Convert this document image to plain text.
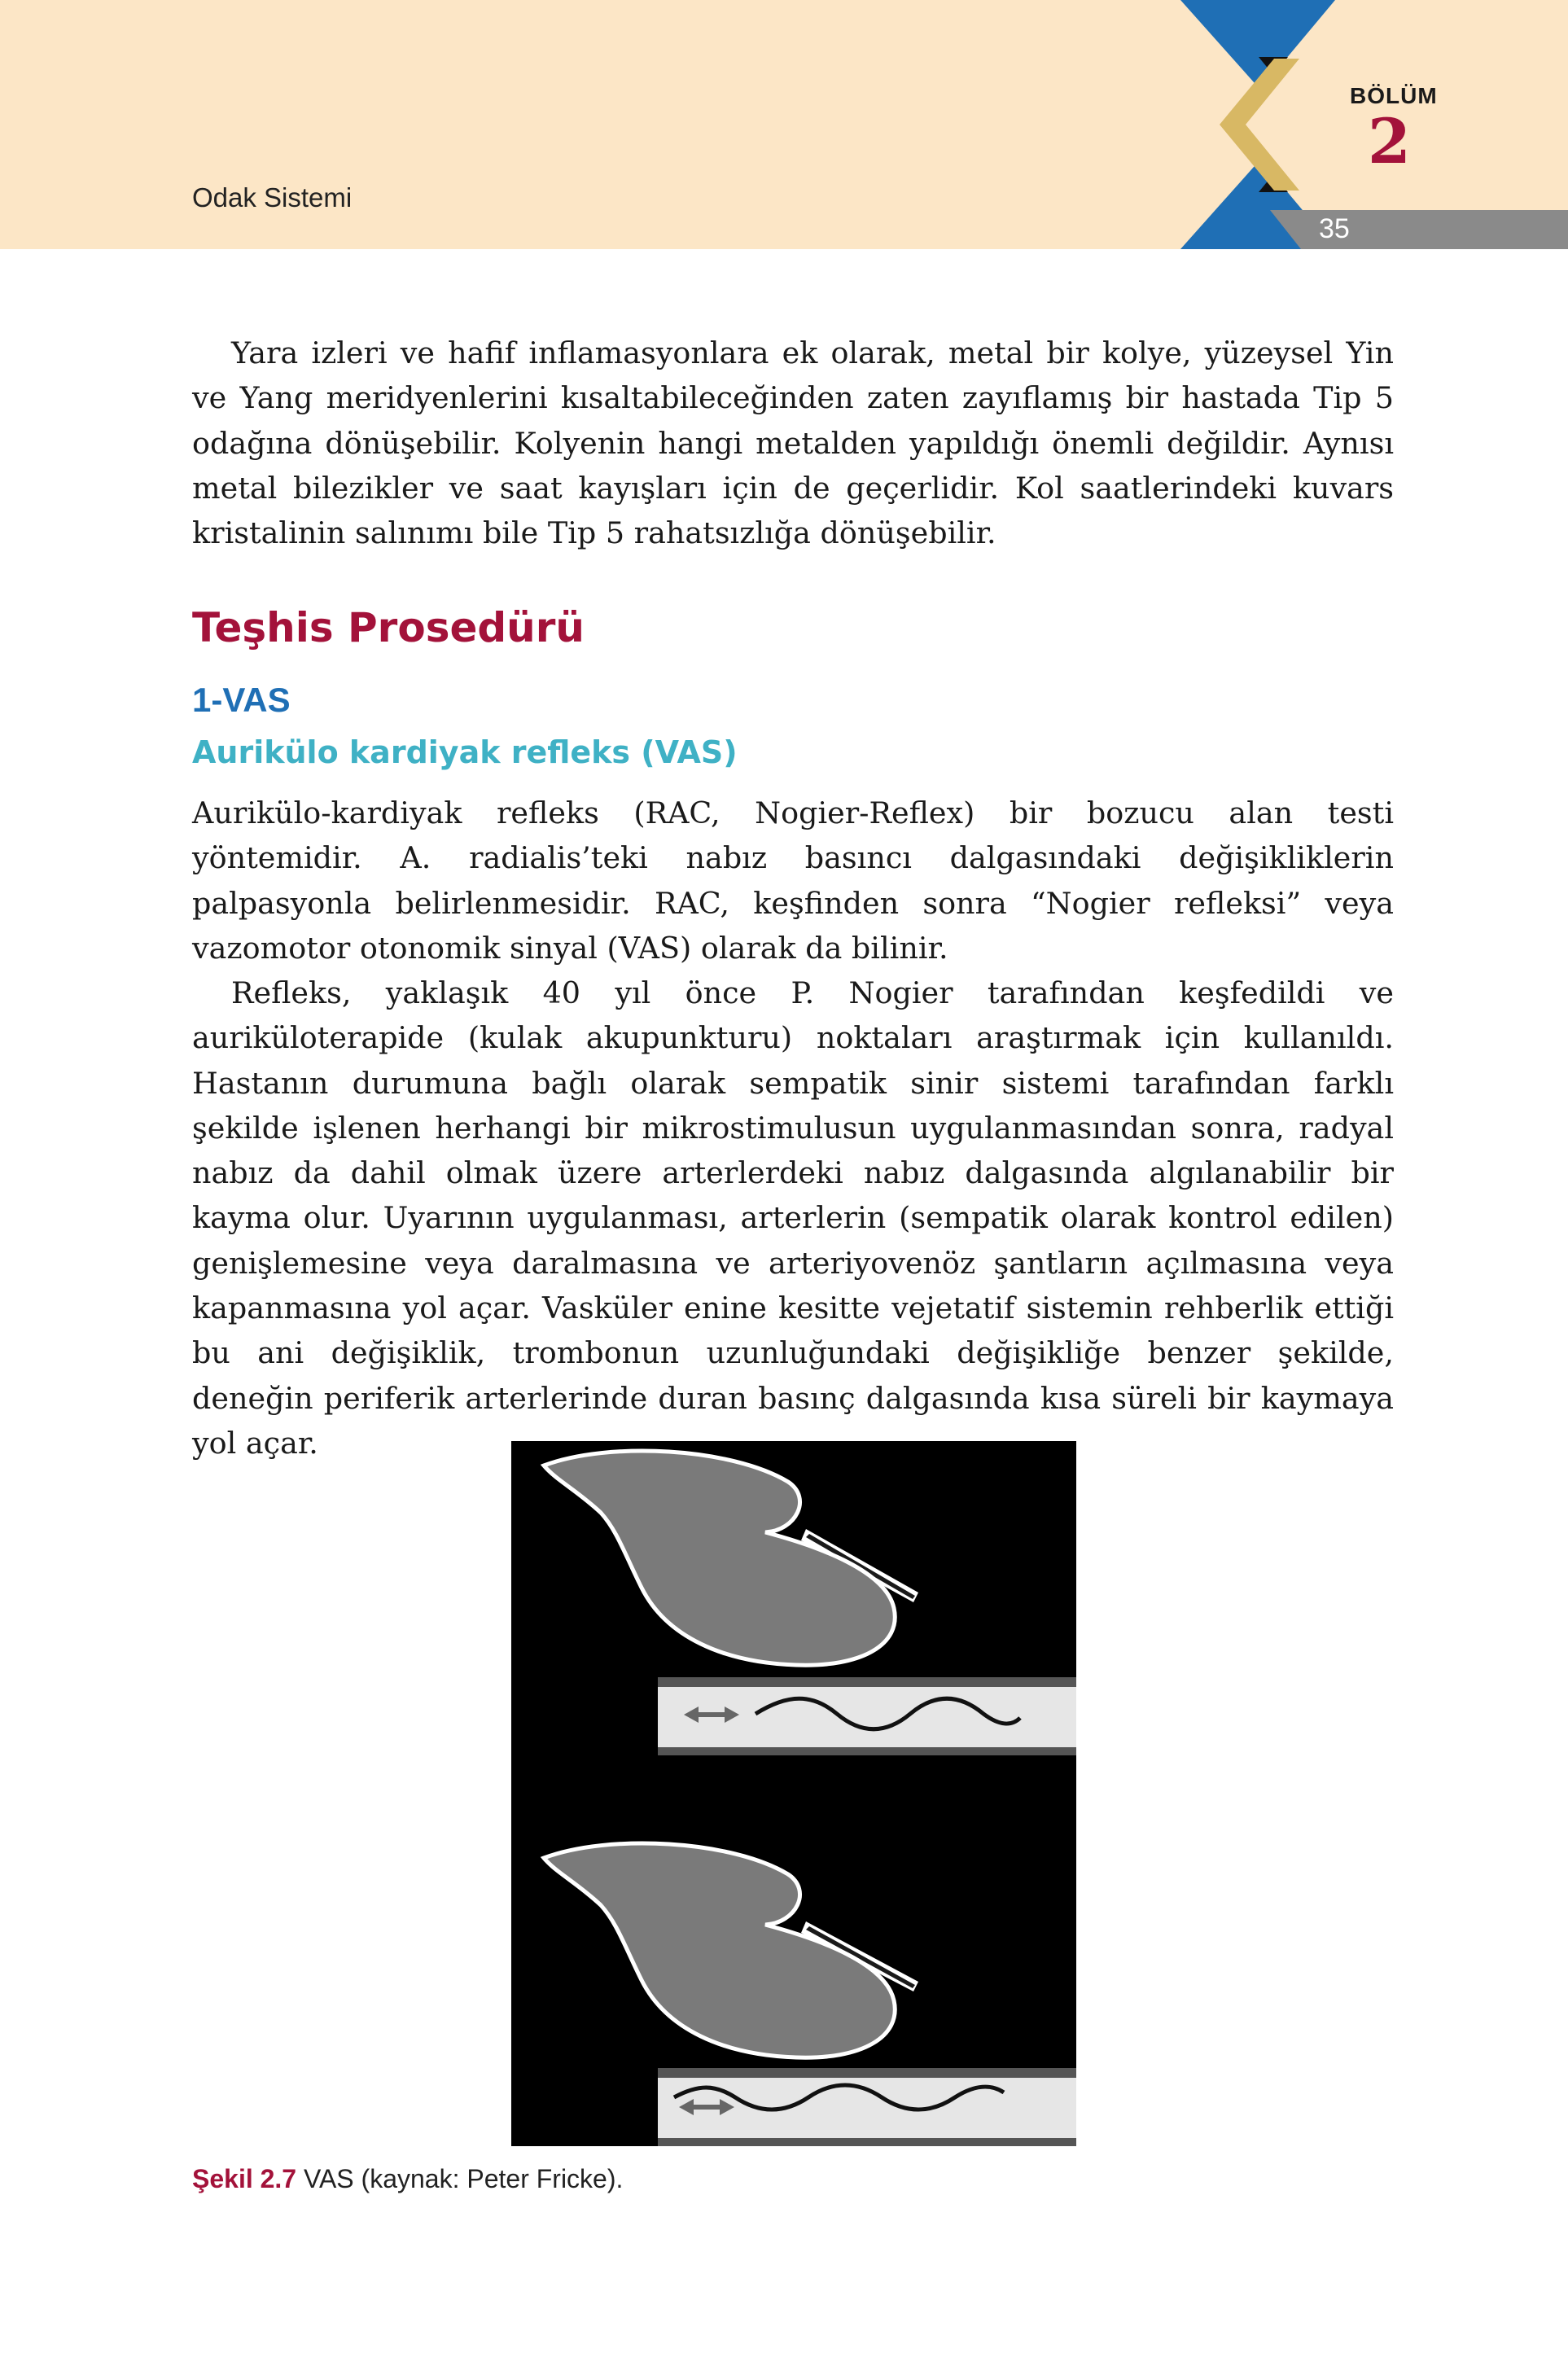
Odak Sistemi
BÖLÜM
2
35

Yara izleri ve hafif inflamasyonlara ek olarak, metal bir kolye, yüzeysel Yin ve Yang meridyenlerini kısaltabileceğinden zaten zayıflamış bir hastada Tip 5 odağına dönüşebilir. Kolyenin hangi metalden yapıldığı önemli değildir. Aynısı metal bilezikler ve saat kayışları için de geçerlidir. Kol saatlerindeki kuvars kristalinin salınımı bile Tip 5 rahatsızlığa dönüşebilir.

Teşhis Prosedürü
1-VAS
Aurikülo kardiyak refleks (VAS)

Aurikülo-kardiyak refleks (RAC, Nogier-Reflex) bir bozucu alan testi yöntemidir. A. radialis’teki nabız basıncı dalgasındaki değişikliklerin palpasyonla belirlenmesidir. RAC, keşfinden sonra “Nogier refleksi” veya vazomotor otonomik sinyal (VAS) olarak da bilinir.

Refleks, yaklaşık 40 yıl önce P. Nogier tarafından keşfedildi ve auriküloterapide (kulak akupunkturu) noktaları araştırmak için kullanıldı. Hastanın durumuna bağlı olarak sempatik sinir sistemi tarafından farklı şekilde işlenen herhangi bir mikrostimulusun uygulanmasından sonra, radyal nabız da dahil olmak üzere arterlerdeki nabız dalgasında algılanabilir bir kayma olur. Uyarının uygulanması, arterlerin (sempatik olarak kontrol edilen) genişlemesine veya daralmasına ve arteriyovenöz şantların açılmasına veya kapanmasına yol açar. Vasküler enine kesitte vejetatif sistemin rehberlik ettiği bu ani değişiklik, trombonun uzunluğundaki değişikliğe benzer şekilde, deneğin periferik arterlerinde duran basınç dalgasında kısa süreli bir kaymaya yol açar.

Şekil 2.7 VAS (kaynak: Peter Fricke).
